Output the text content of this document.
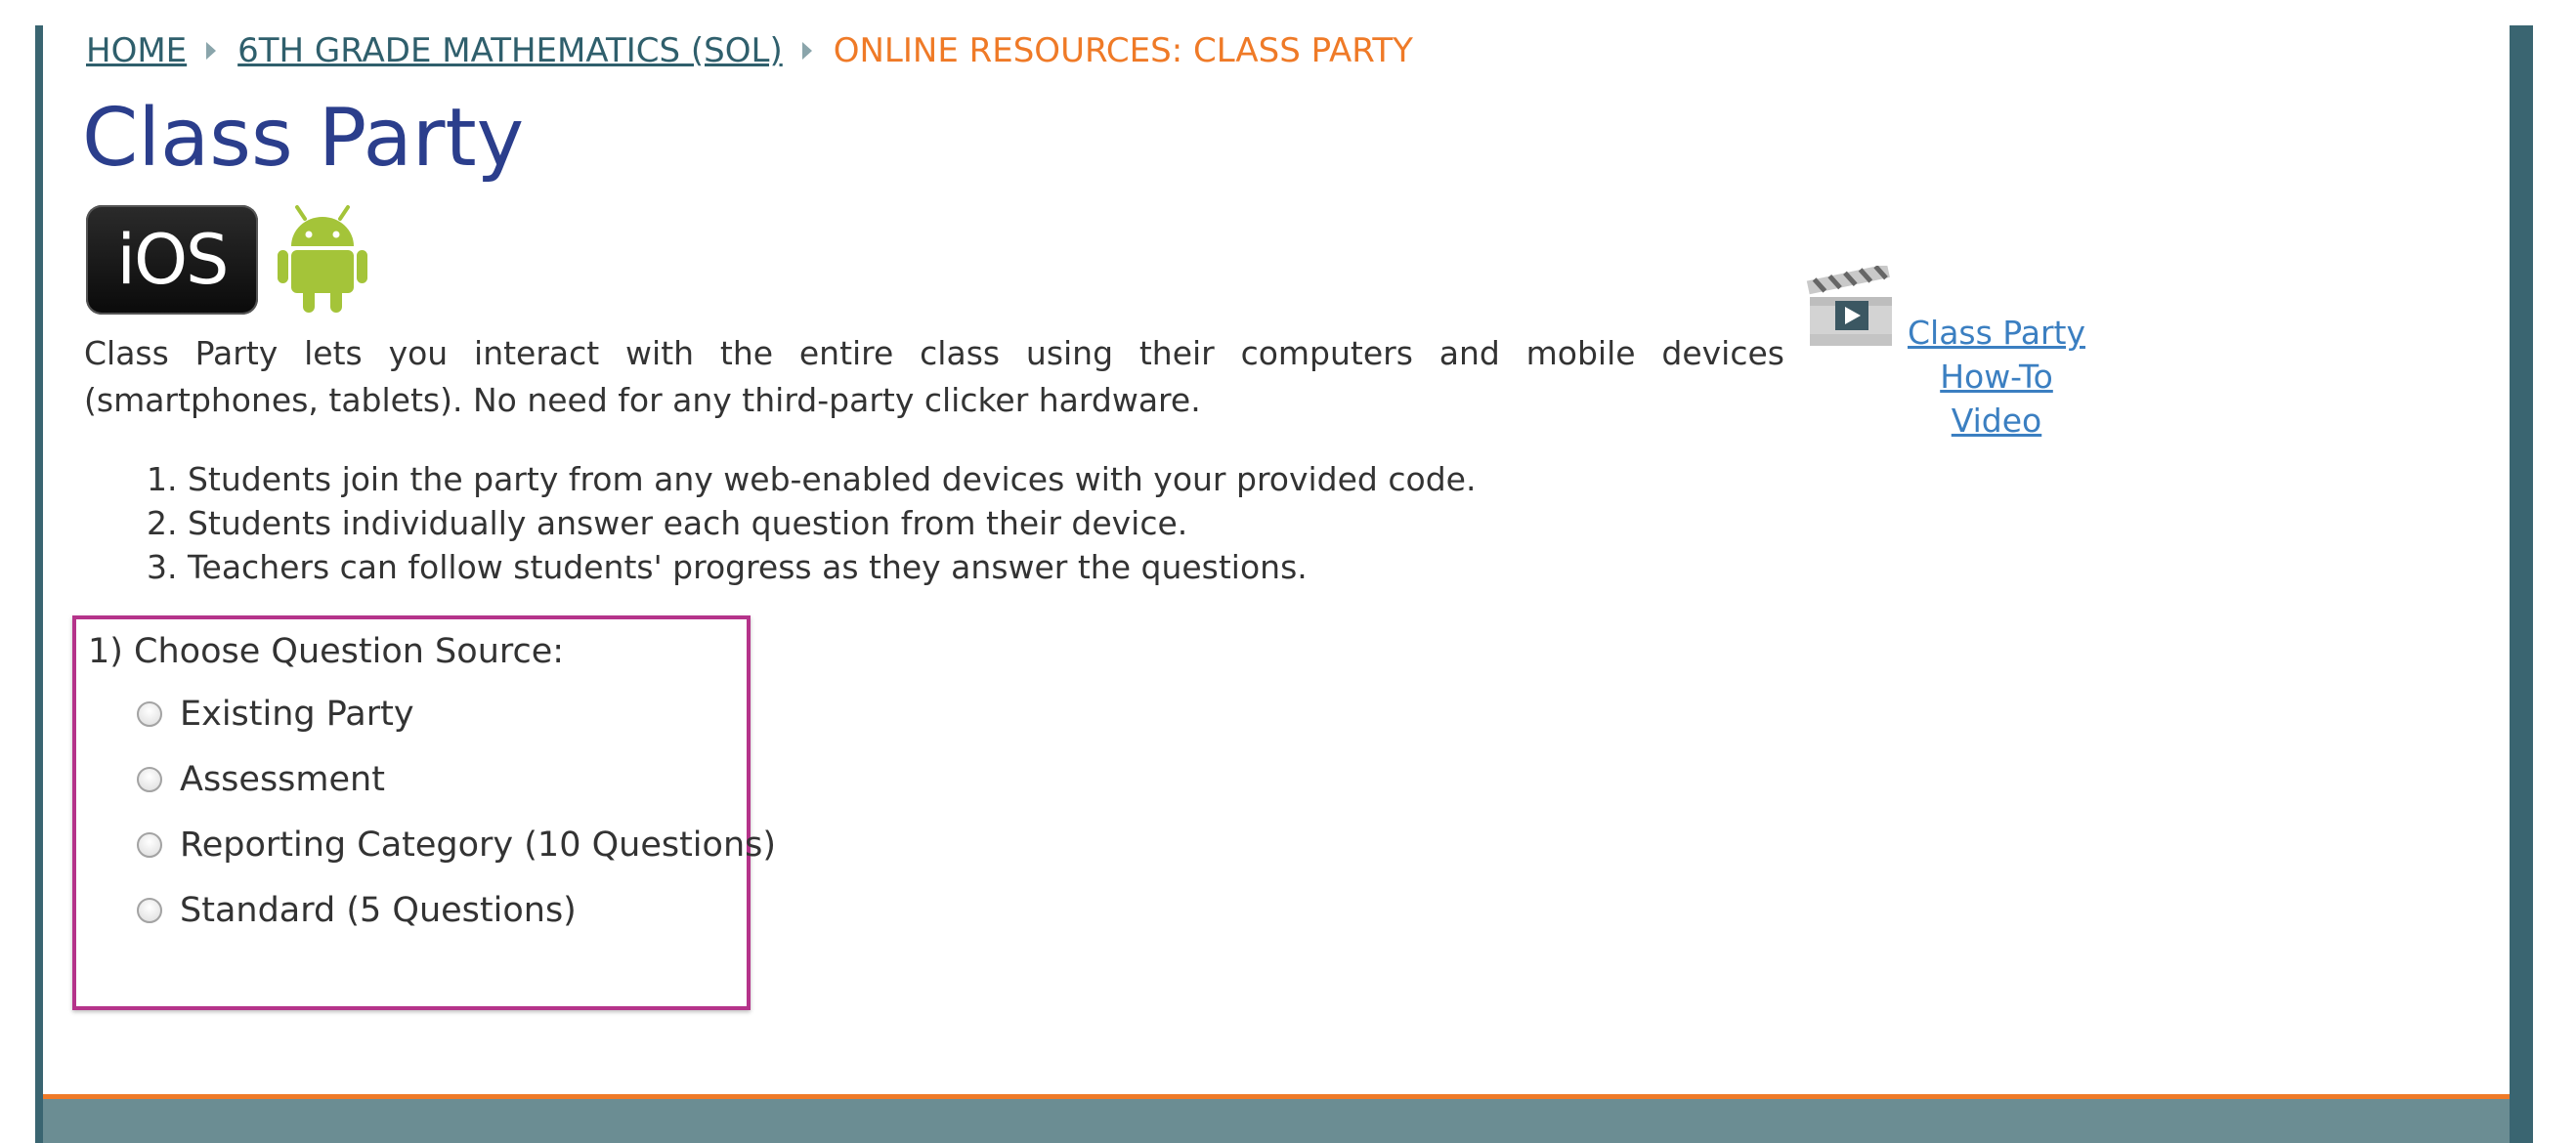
HOME 6TH GRADE MATHEMATICS (SOL) ONLINE RESOURCES: CLASS PARTY
Class Party
iOS

Class Party lets you interact with the entire class using their computers and mobile devices (smartphones, tablets). No need for any third-party clicker hardware.

Class Party
How-To Video
1. Students join the party from any web-enabled devices with your provided code.
2. Students individually answer each question from their device.
3. Teachers can follow students' progress as they answer the questions.
1) Choose Question Source:
Existing Party
Assessment
Reporting Category (10 Questions)
Standard (5 Questions)
